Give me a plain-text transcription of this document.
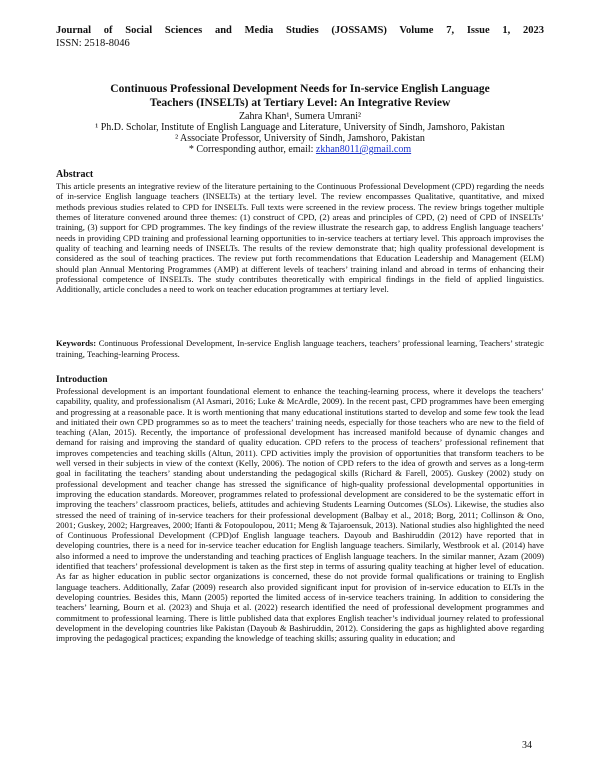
Journal of Social Sciences and Media Studies (JOSSAMS) Volume 7, Issue 1, 2023
ISSN: 2518-8046
Continuous Professional Development Needs for In-service English Language
Teachers (INSELTs) at Tertiary Level: An Integrative Review
Zahra Khan¹, Sumera Umrani²
¹ Ph.D. Scholar, Institute of English Language and Literature, University of Sindh, Jamshoro, Pakistan
² Associate Professor, University of Sindh, Jamshoro, Pakistan
* Corresponding author, email: zkhan8011@gmail.com
Abstract
This article presents an integrative review of the literature pertaining to the Continuous Professional Development (CPD) regarding the needs of in-service English language teachers (INSELTs) at the tertiary level. The review encompasses Qualitative, quantitative, and mixed methods previous studies related to CPD for INSELTs. Full texts were screened in the review process. The review brings together multiple themes of literature convened around three themes: (1) construct of CPD, (2) areas and principles of CPD, (2) need of CPD of INSELTs’ training, (3) support for CPD programmes. The key findings of the review illustrate the research gap, to address English language teachers’ needs in providing CPD training and professional learning opportunities to in-service teachers at tertiary level. This approach improvises the quality of teaching and learning needs of INSELTs. The results of the review demonstrate that; high quality professional development is considered as the soul of teaching practices. The review put forth recommendations that Education Leadership and Management (ELM) should plan Annual Mentoring Programmes (AMP) at different levels of teachers’ training inland and abroad in terms of enhancing their professional competence of INSELTs. The study contributes theoretically with empirical findings in the field of applied linguistics. Additionally, article concludes a need to work on teacher education programmes at tertiary level.
Keywords: Continuous Professional Development, In-service English language teachers, teachers’ professional learning, Teachers’ strategic training, Teaching-learning Process.
Introduction
Professional development is an important foundational element to enhance the teaching-learning process, where it develops the teachers’ capability, quality, and professionalism (Al Asmari, 2016; Luke & McArdle, 2009). In the recent past, CPD programmes have been emerging and progressing at a reasonable pace. It is worth mentioning that many educational institutions started to develop and some few took the lead and initiated their own CPD programmes so as to meet the teachers’ training needs, especially for those teachers who are new to the field of teaching (Alan, 2015). Recently, the importance of professional development has increased manifold because of dynamic changes and demand for raising and improving the standard of quality education. CPD refers to the process of teachers’ professional refinement that improves competencies and teaching skills (Altun, 2011). CPD activities imply the provision of opportunities that transform teachers to be well versed in their subjects in view of the context (Kelly, 2006). The notion of CPD refers to the idea of growth and serves as a long-term goal in facilitating the teachers’ standing about understanding the pedagogical skills (Richard & Farell, 2005). Guskey (2002) study on professional development and teacher change has stressed the significance of high-quality professional developmental opportunities in improving the education standards. Moreover, programmes related to professional development are considered to be the systematic effort in improving the teachers’ classroom practices, beliefs, attitudes and achieving Students Learning Outcomes (SLOs). Likewise, the studies also stressed the need of training of in-service teachers for their professional development (Balbay et al., 2018; Borg, 2011; Collinson & Ono, 2001; Guskey, 2002; Hargreaves, 2000; Ifanti & Fotopoulopou, 2011; Meng & Tajaroensuk, 2013). National studies also highlighted the need of Continuous Professional Development (CPD)of English language teachers. Dayoub and Bashiruddin (2012) have reported that in developing countries, there is a need for in-service teacher education for English language teachers. Similarly, Westbrook et al. (2014) have also informed a need to improve the understanding and teaching practices of English language teachers. In the similar manner, Azam (2009) identified that teachers’ professional development is taken as the first step in terms of assuring quality teaching at higher level of education. As far as higher education in public sector organizations is concerned, these do not provide formal qualifications or training to English language teachers. Additionally, Zafar (2009) research also provided significant input for provision of in-service education to ELTs in the developing countries. Besides this, Mann (2005) reported the limited access of in-service teachers training. In addition to considering the teachers’ learning, Bourn et al. (2023) and Shuja et al. (2022) research identified the need of professional development programmes and commitment to professional learning. There is little published data that explores English teacher’s individual journey related to professional development in the developing countries like Pakistan (Dayoub & Bashiruddin, 2012). Considering the gaps as highlighted above regarding improving the pedagogical practices; expanding the knowledge of teaching skills; assuring quality in education; and
34
